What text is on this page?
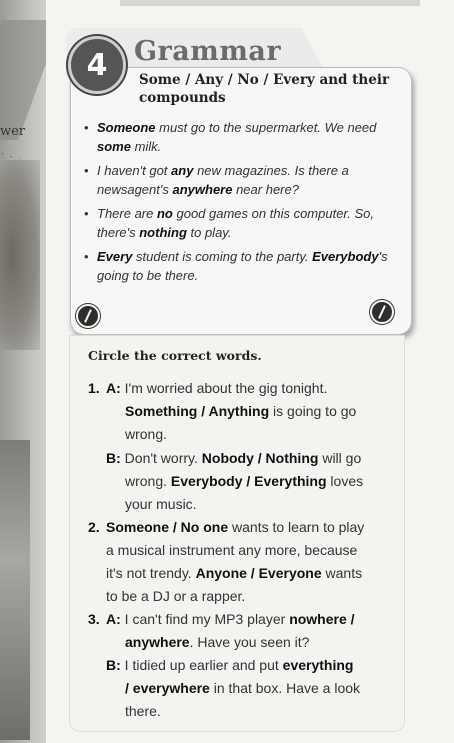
wer
' - .
4 Grammar
Some / Any / No / Every and their compounds
• Someone must go to the supermarket. We need some milk.
• I haven't got any new magazines. Is there a newsagent's anywhere near here?
• There are no good games on this computer. So, there's nothing to play.
• Every student is coming to the party. Everybody's going to be there.
Circle the correct words.
1.
2.
3.
A: I'm worried about the gig tonight.
Something / Anything is going to go
wrong.
B: Don't worry. Nobody / Nothing will go
wrong. Everybody / Everything loves
your music.
Someone / No one wants to learn to play
a musical instrument any more, because
it's not trendy. Anyone / Everyone wants
to be a DJ or a rapper.
A: I can't find my MP3 player nowhere /
anywhere. Have you seen it?
B: I tidied up earlier and put everything
/ everywhere in that box. Have a look
there.
